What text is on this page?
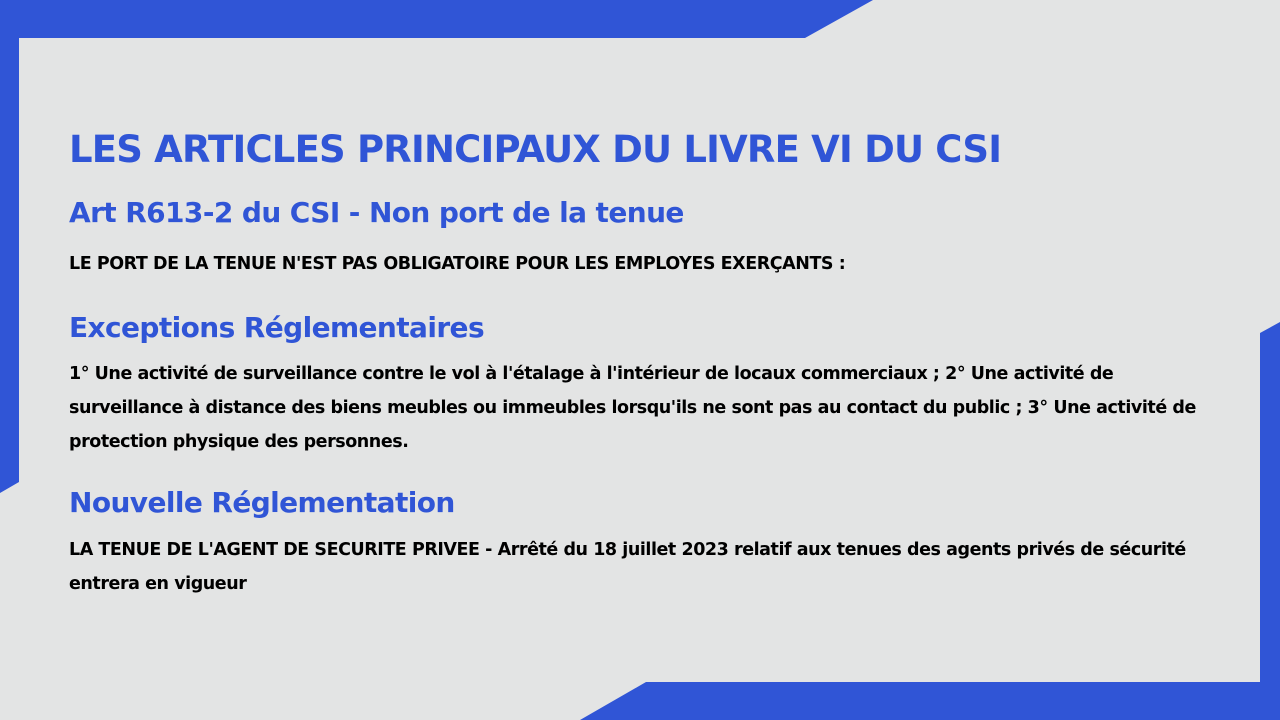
LES ARTICLES PRINCIPAUX DU LIVRE VI DU CSI
Art R613-2 du CSI - Non port de la tenue

LE PORT DE LA TENUE N'EST PAS OBLIGATOIRE POUR LES EMPLOYES EXERÇANTS :

Exceptions Réglementaires

1° Une activité de surveillance contre le vol à l'étalage à l'intérieur de locaux commerciaux ; 2° Une activité de surveillance à distance des biens meubles ou immeubles lorsqu'ils ne sont pas au contact du public ; 3° Une activité de protection physique des personnes.

Nouvelle Réglementation

LA TENUE DE L'AGENT DE SECURITE PRIVEE - Arrêté du 18 juillet 2023 relatif aux tenues des agents privés de sécurité entrera en vigueur
